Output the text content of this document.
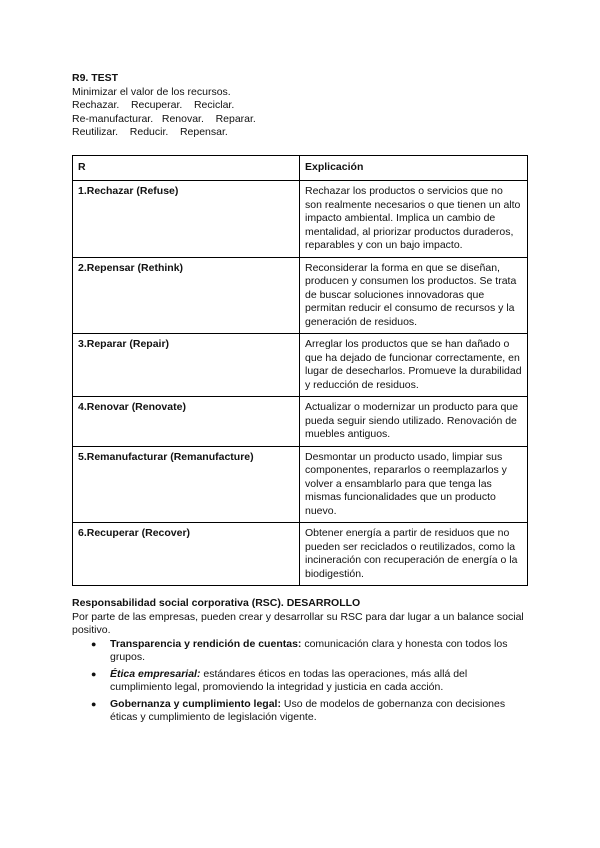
R9. TEST

Minimizar el valor de los recursos.

Rechazar.    Recuperar.    Reciclar.

Re-manufacturar.   Renovar.    Reparar.

Reutilizar.    Reducir.    Repensar.

R	Explicación
1.Rechazar (Refuse)	Rechazar los productos o servicios que no son realmente necesarios o que tienen un alto impacto ambiental. Implica un cambio de mentalidad, al priorizar productos duraderos, reparables y con un bajo impacto.
2.Repensar (Rethink)	Reconsiderar la forma en que se diseñan, producen y consumen los productos. Se trata de buscar soluciones innovadoras que permitan reducir el consumo de recursos y la generación de residuos.
3.Reparar (Repair)	Arreglar los productos que se han dañado o que ha dejado de funcionar correctamente, en lugar de desecharlos. Promueve la durabilidad y reducción de residuos.
4.Renovar (Renovate)	Actualizar o modernizar un producto para que pueda seguir siendo utilizado. Renovación de muebles antiguos.
5.Remanufacturar (Remanufacture)	Desmontar un producto usado, limpiar sus componentes, repararlos o reemplazarlos y volver a ensamblarlo para que tenga las mismas funcionalidades que un producto nuevo.
6.Recuperar (Recover)	Obtener energía a partir de residuos que no pueden ser reciclados o reutilizados, como la incineración con recuperación de energía o la biodigestión.
Responsabilidad social corporativa (RSC). DESARROLLO

Por parte de las empresas, pueden crear y desarrollar su RSC para dar lugar a un balance social positivo.

● Transparencia y rendición de cuentas: comunicación clara y honesta con todos los grupos.
● Ética empresarial: estándares éticos en todas las operaciones, más allá del cumplimiento legal, promoviendo la integridad y justicia en cada acción.
● Gobernanza y cumplimiento legal: Uso de modelos de gobernanza con decisiones éticas y cumplimiento de legislación vigente.
